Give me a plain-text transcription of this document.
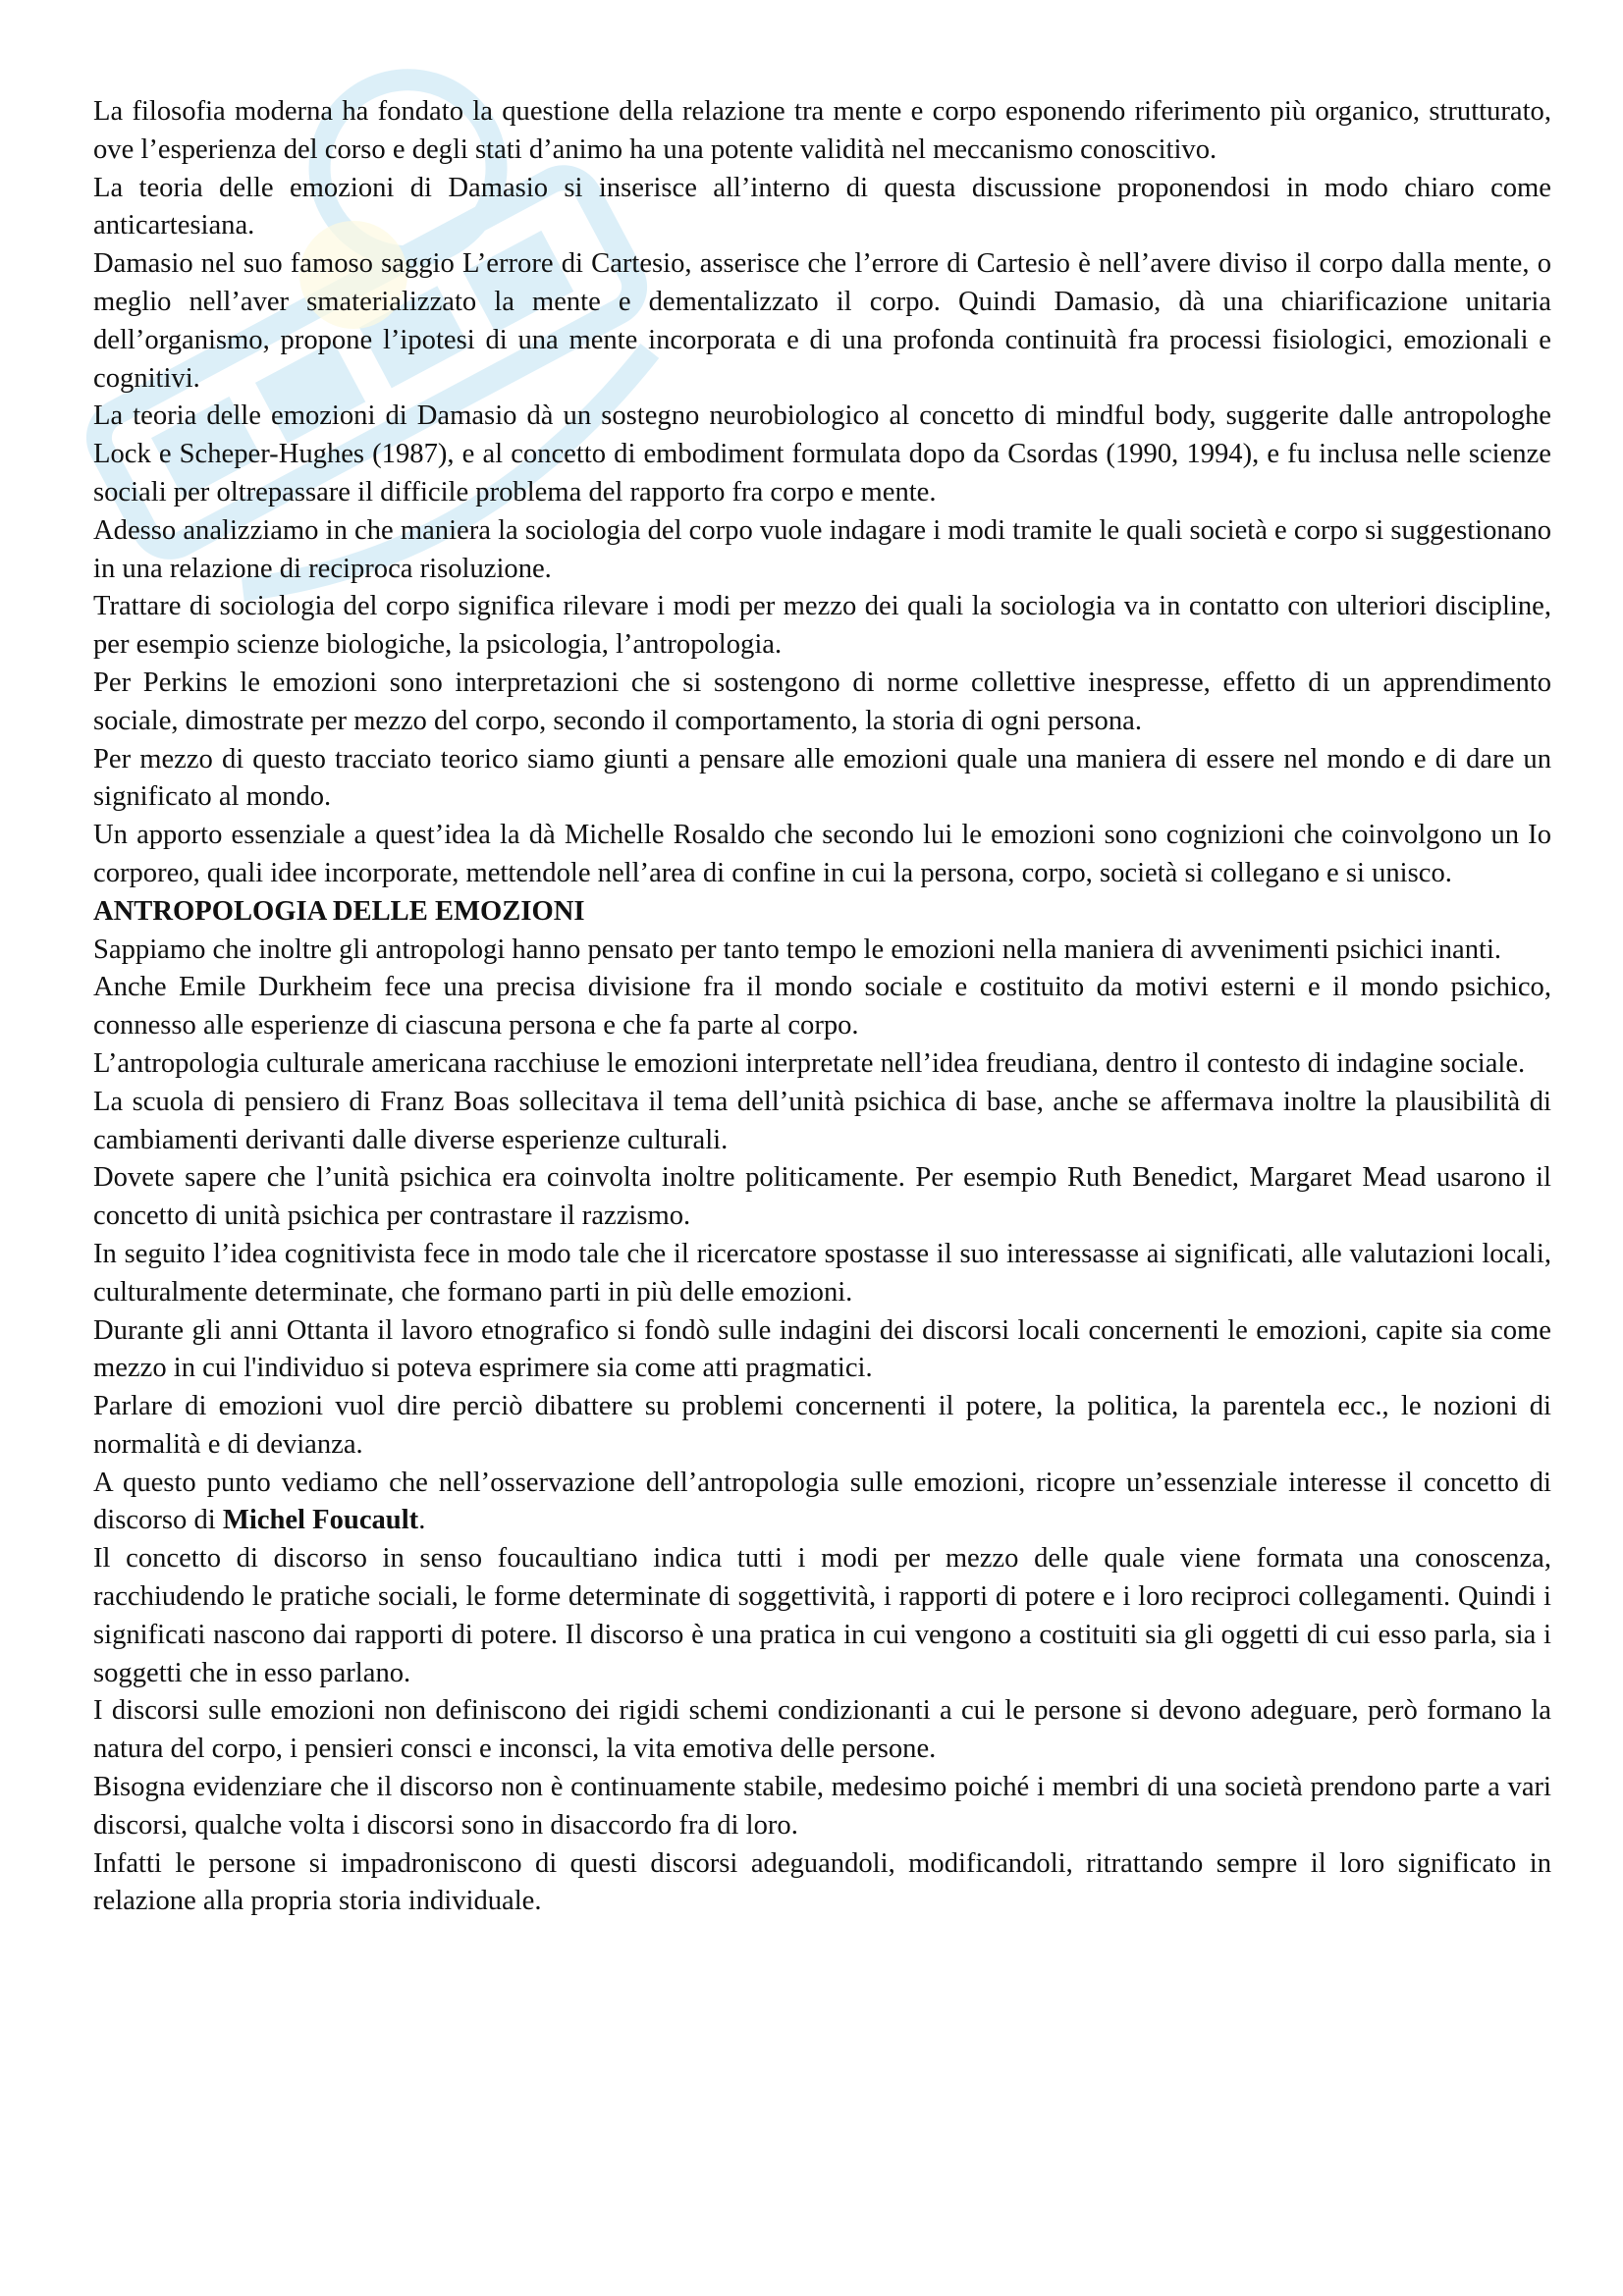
La filosofia moderna ha fondato la questione della relazione tra mente e corpo esponendo riferimento più organico, strutturato, ove l’esperienza del corso e degli stati d’animo ha una potente validità nel meccanismo conoscitivo.

La teoria delle emozioni di Damasio si inserisce all’interno di questa discussione proponendosi in modo chiaro come anticartesiana.

Damasio nel suo famoso saggio L’errore di Cartesio, asserisce che l’errore di Cartesio è nell’avere diviso il corpo dalla mente, o meglio nell’aver smaterializzato la mente e dementalizzato il corpo. Quindi Damasio, dà una chiarificazione unitaria dell’organismo, propone l’ipotesi di una mente incorporata e di una profonda continuità fra processi fisiologici, emozionali e cognitivi.

La teoria delle emozioni di Damasio dà un sostegno neurobiologico al concetto di mindful body, suggerite dalle antropologhe Lock e Scheper-Hughes (1987), e al concetto di embodiment formulata dopo da Csordas (1990, 1994), e fu inclusa nelle scienze sociali per oltrepassare il difficile problema del rapporto fra corpo e mente.

Adesso analizziamo in che maniera la sociologia del corpo vuole indagare i modi tramite le quali società e corpo si suggestionano in una relazione di reciproca risoluzione.

Trattare di sociologia del corpo significa rilevare i modi per mezzo dei quali la sociologia va in contatto con ulteriori discipline, per esempio scienze biologiche, la psicologia, l’antropologia.

Per Perkins le emozioni sono interpretazioni che si sostengono di norme collettive inespresse, effetto di un apprendimento sociale, dimostrate per mezzo del corpo, secondo il comportamento, la storia di ogni persona.

Per mezzo di questo tracciato teorico siamo giunti a pensare alle emozioni quale una maniera di essere nel mondo e di dare un significato al mondo.

Un apporto essenziale a quest’idea la dà Michelle Rosaldo che secondo lui le emozioni sono cognizioni che coinvolgono un Io corporeo, quali idee incorporate, mettendole nell’area di confine in cui la persona, corpo, società si collegano e si unisco.

ANTROPOLOGIA DELLE EMOZIONI

Sappiamo che inoltre gli antropologi hanno pensato per tanto tempo le emozioni nella maniera di avvenimenti psichici inanti.

Anche Emile Durkheim fece una precisa divisione fra il mondo sociale e costituito da motivi esterni e il mondo psichico, connesso alle esperienze di ciascuna persona e che fa parte al corpo.

L’antropologia culturale americana racchiuse le emozioni interpretate nell’idea freudiana, dentro il contesto di indagine sociale.

La scuola di pensiero di Franz Boas sollecitava il tema dell’unità psichica di base, anche se affermava inoltre la plausibilità di cambiamenti derivanti dalle diverse esperienze culturali.

Dovete sapere che l’unità psichica era coinvolta inoltre politicamente. Per esempio Ruth Benedict, Margaret Mead usarono il concetto di unità psichica per contrastare il razzismo.

In seguito l’idea cognitivista fece in modo tale che il ricercatore spostasse il suo interessasse ai significati, alle valutazioni locali, culturalmente determinate, che formano parti in più delle emozioni.

Durante gli anni Ottanta il lavoro etnografico si fondò sulle indagini dei discorsi locali concernenti le emozioni, capite sia come mezzo in cui l'individuo si poteva esprimere sia come atti pragmatici.

Parlare di emozioni vuol dire perciò dibattere su problemi concernenti il potere, la politica, la parentela ecc., le nozioni di normalità e di devianza.

A questo punto vediamo che nell’osservazione dell’antropologia sulle emozioni, ricopre un’essenziale interesse il concetto di discorso di Michel Foucault.

Il concetto di discorso in senso foucaultiano indica tutti i modi per mezzo delle quale viene formata una conoscenza, racchiudendo le pratiche sociali, le forme determinate di soggettività, i rapporti di potere e i loro reciproci collegamenti. Quindi i significati nascono dai rapporti di potere. Il discorso è una pratica in cui vengono a costituiti sia gli oggetti di cui esso parla, sia i soggetti che in esso parlano.

I discorsi sulle emozioni non definiscono dei rigidi schemi condizionanti a cui le persone si devono adeguare, però formano la natura del corpo, i pensieri consci e inconsci, la vita emotiva delle persone.

Bisogna evidenziare che il discorso non è continuamente stabile, medesimo poiché i membri di una società prendono parte a vari discorsi, qualche volta i discorsi sono in disaccordo fra di loro.

Infatti le persone si impadroniscono di questi discorsi adeguandoli, modificandoli, ritrattando sempre il loro significato in relazione alla propria storia individuale.
